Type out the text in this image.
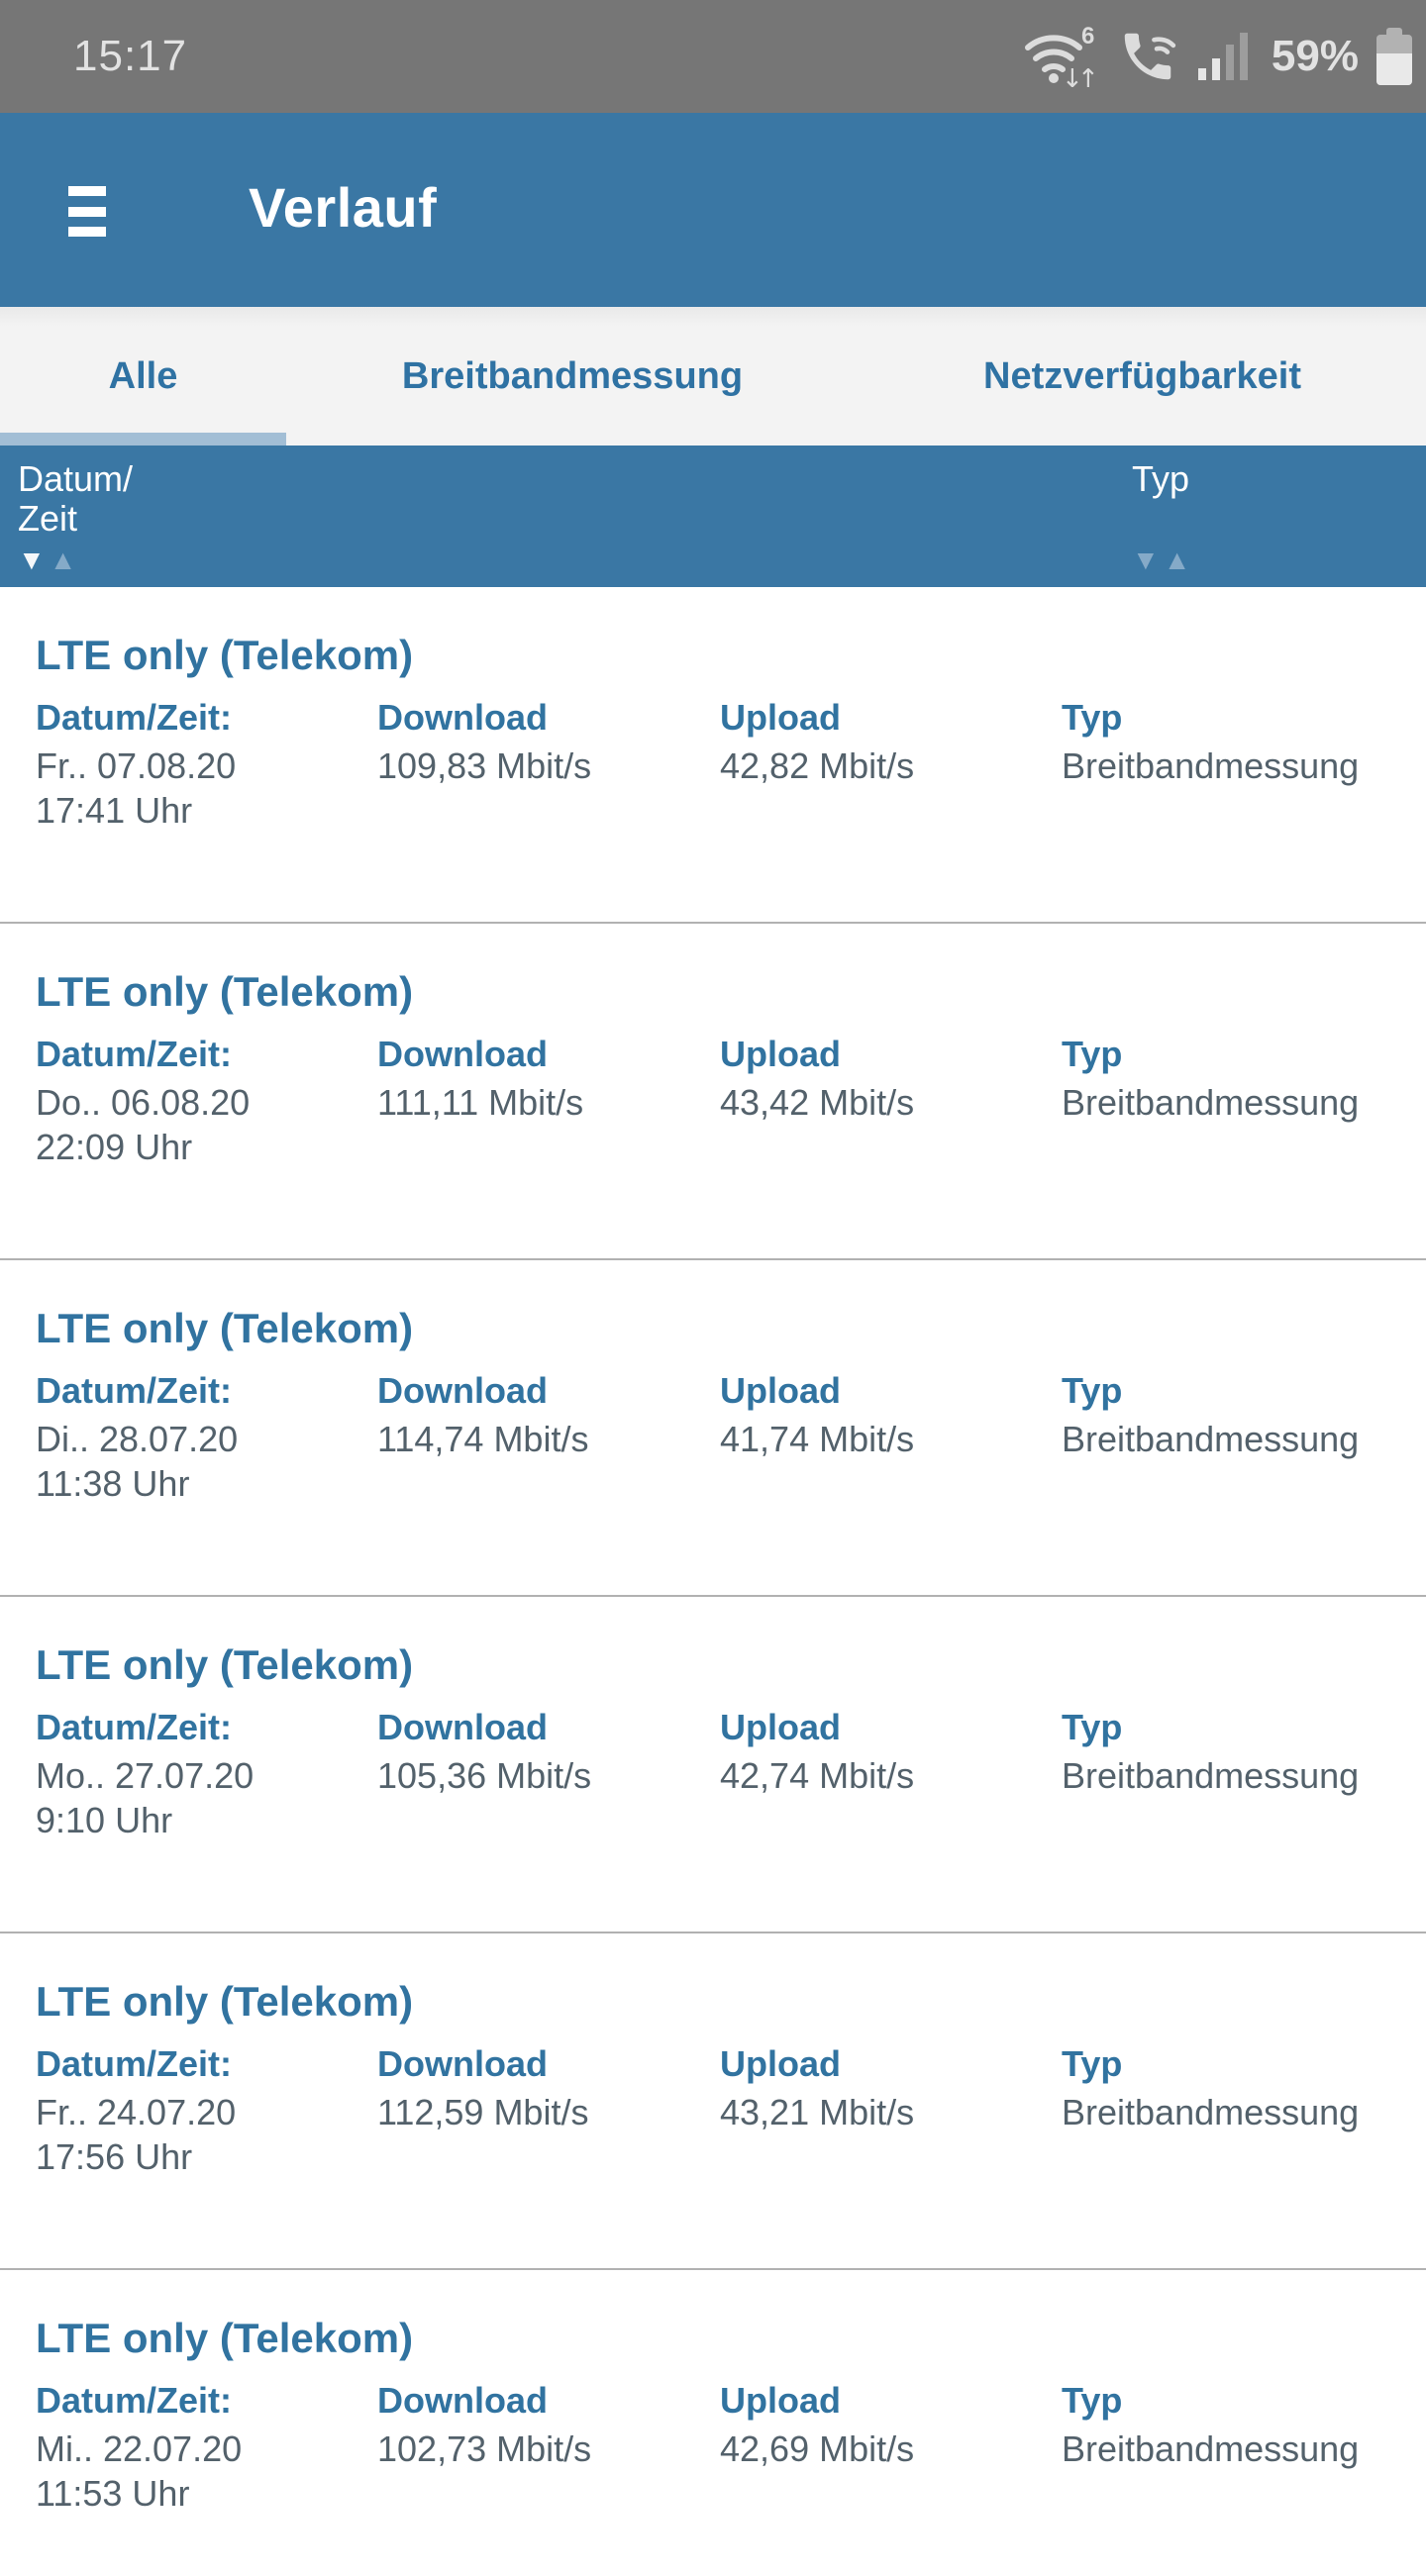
15:17	6
↓
↑	59%
Verlauf
Alle	Breitbandmessung	Netzverfügbarkeit
Datum/
Zeit
▼▲
Typ
▼▲
LTE only (Telekom)
Datum/Zeit:
Fr.. 07.08.20
17:41 Uhr
Download
109,83 Mbit/s
Upload
42,82 Mbit/s
Typ
Breitbandmessung
LTE only (Telekom)
Datum/Zeit:
Do.. 06.08.20
22:09 Uhr
Download
111,11 Mbit/s
Upload
43,42 Mbit/s
Typ
Breitbandmessung
LTE only (Telekom)
Datum/Zeit:
Di.. 28.07.20
11:38 Uhr
Download
114,74 Mbit/s
Upload
41,74 Mbit/s
Typ
Breitbandmessung
LTE only (Telekom)
Datum/Zeit:
Mo.. 27.07.20
9:10 Uhr
Download
105,36 Mbit/s
Upload
42,74 Mbit/s
Typ
Breitbandmessung
LTE only (Telekom)
Datum/Zeit:
Fr.. 24.07.20
17:56 Uhr
Download
112,59 Mbit/s
Upload
43,21 Mbit/s
Typ
Breitbandmessung
LTE only (Telekom)
Datum/Zeit:
Mi.. 22.07.20
11:53 Uhr
Download
102,73 Mbit/s
Upload
42,69 Mbit/s
Typ
Breitbandmessung
